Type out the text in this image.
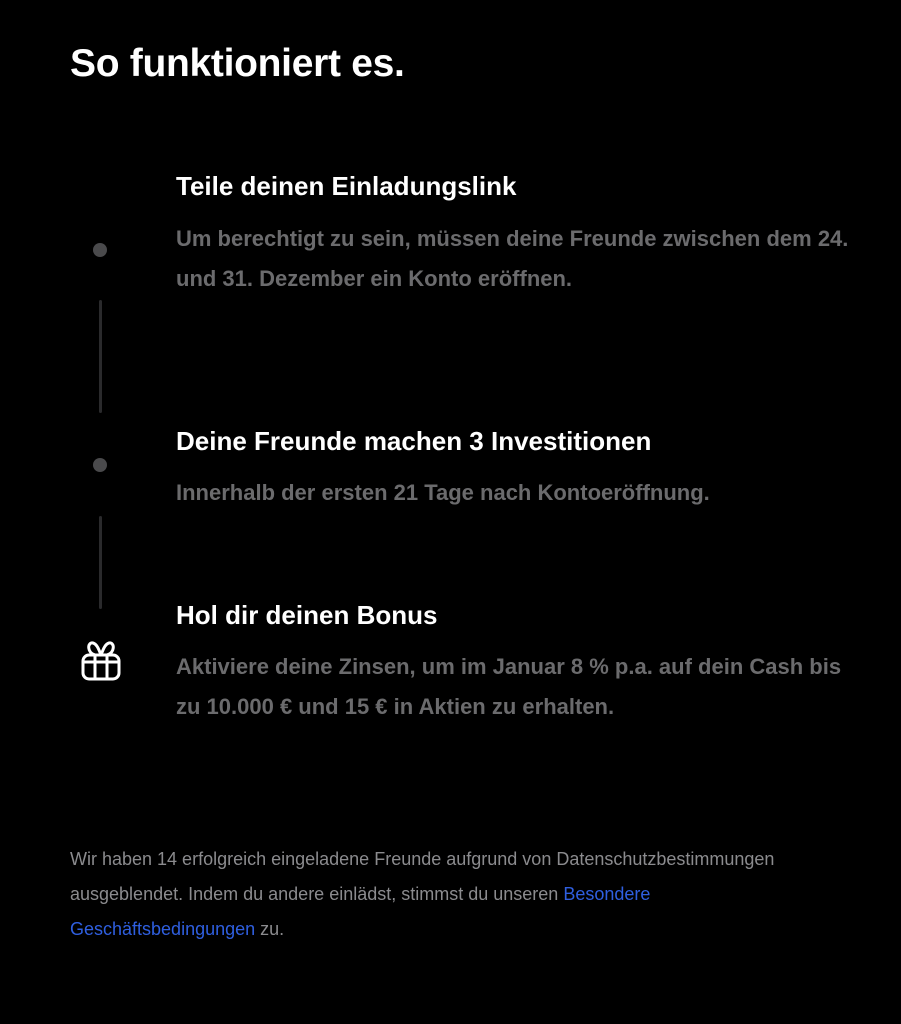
So funktioniert es.
Teile deinen Einladungslink

Um berechtigt zu sein, müssen deine Freunde zwischen dem 24. und 31. Dezember ein Konto eröffnen.

Deine Freunde machen 3 Investitionen

Innerhalb der ersten 21 Tage nach Kontoeröffnung.

Hol dir deinen Bonus

Aktiviere deine Zinsen, um im Januar 8 % p.a. auf dein Cash bis zu 10.000 € und 15 € in Aktien zu erhalten.

Wir haben 14 erfolgreich eingeladene Freunde aufgrund von Datenschutzbestimmungen ausgeblendet. Indem du andere einlädst, stimmst du unseren Besondere Geschäftsbedingungen zu.
